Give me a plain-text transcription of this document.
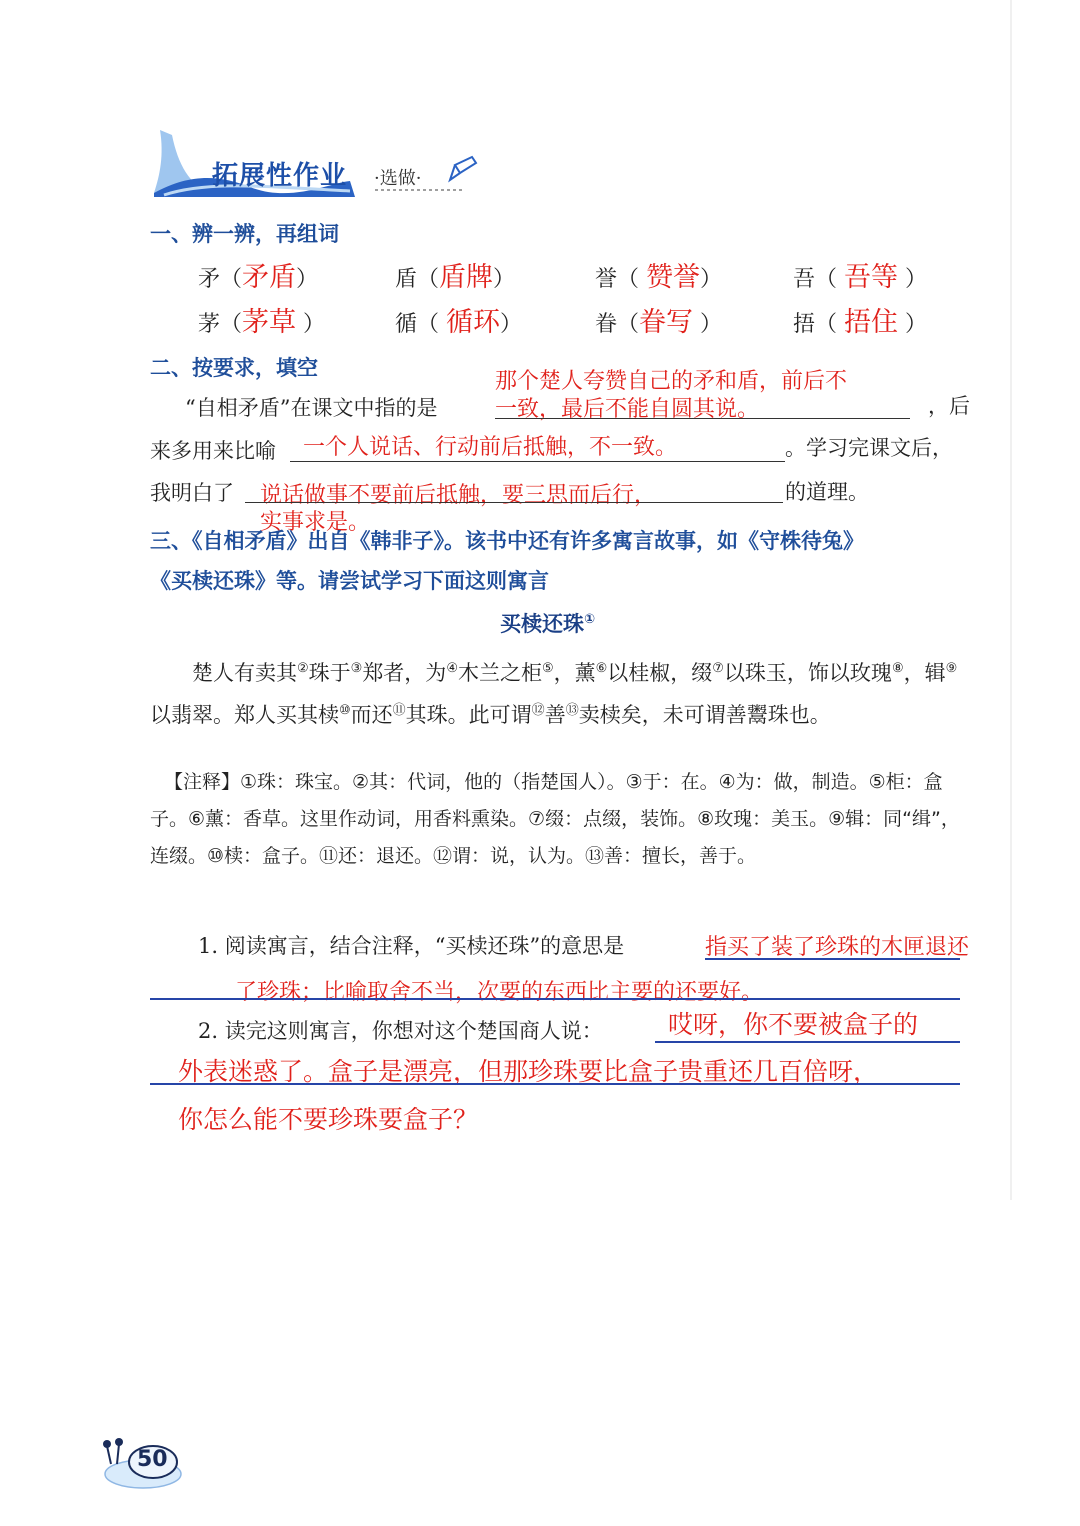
拓展性作业 ·选做·
一、辨一辨，再组词
矛（矛盾）	盾（盾牌）	誉（ 赞誉）	吾（ 吾等 ）
茅（茅草 ）	循（ 循环）	眷（眷写 ）	捂（ 捂住 ）
二、按要求，填空
那个楚人夸赞自己的矛和盾，前后不
“自相矛盾”在课文中指的是	一致，最后不能自圆其说。	，后
来多用来比喻 一个人说话、行动前后抵触，不一致。	。学习完课文后，
我明白了 说话做事不要前后抵触，要三思而后行，	的道理。
实事求是。
三、《自相矛盾》出自《韩非子》。该书中还有许多寓言故事，如《守株待兔》
《买椟还珠》等。请尝试学习下面这则寓言
买椟还珠①
楚人有卖其②珠于③郑者，为④木兰之柜⑤，薰⑥以桂椒，缀⑦以珠玉，饰以玫瑰⑧，辑⑨以翡翠。郑人买其椟⑩而还⑪其珠。此可谓⑫善⑬卖椟矣，未可谓善鬻珠也。
【注释】①珠：珠宝。②其：代词，他的（指楚国人）。③于：在。④为：做，制造。⑤柜：盒子。⑥薰：香草。这里作动词，用香料熏染。⑦缀：点缀，装饰。⑧玫瑰：美玉。⑨辑：同“缉”，连缀。⑩椟：盒子。⑪还：退还。⑫谓：说，认为。⑬善：擅长，善于。
1. 阅读寓言，结合注释，“买椟还珠”的意思是	指买了装了珍珠的木匣退还
了珍珠；比喻取舍不当，次要的东西比主要的还要好。
2. 读完这则寓言，你想对这个楚国商人说：	哎呀，你不要被盒子的
外表迷惑了。盒子是漂亮，但那珍珠要比盒子贵重还几百倍呀，
你怎么能不要珍珠要盒子？
50
